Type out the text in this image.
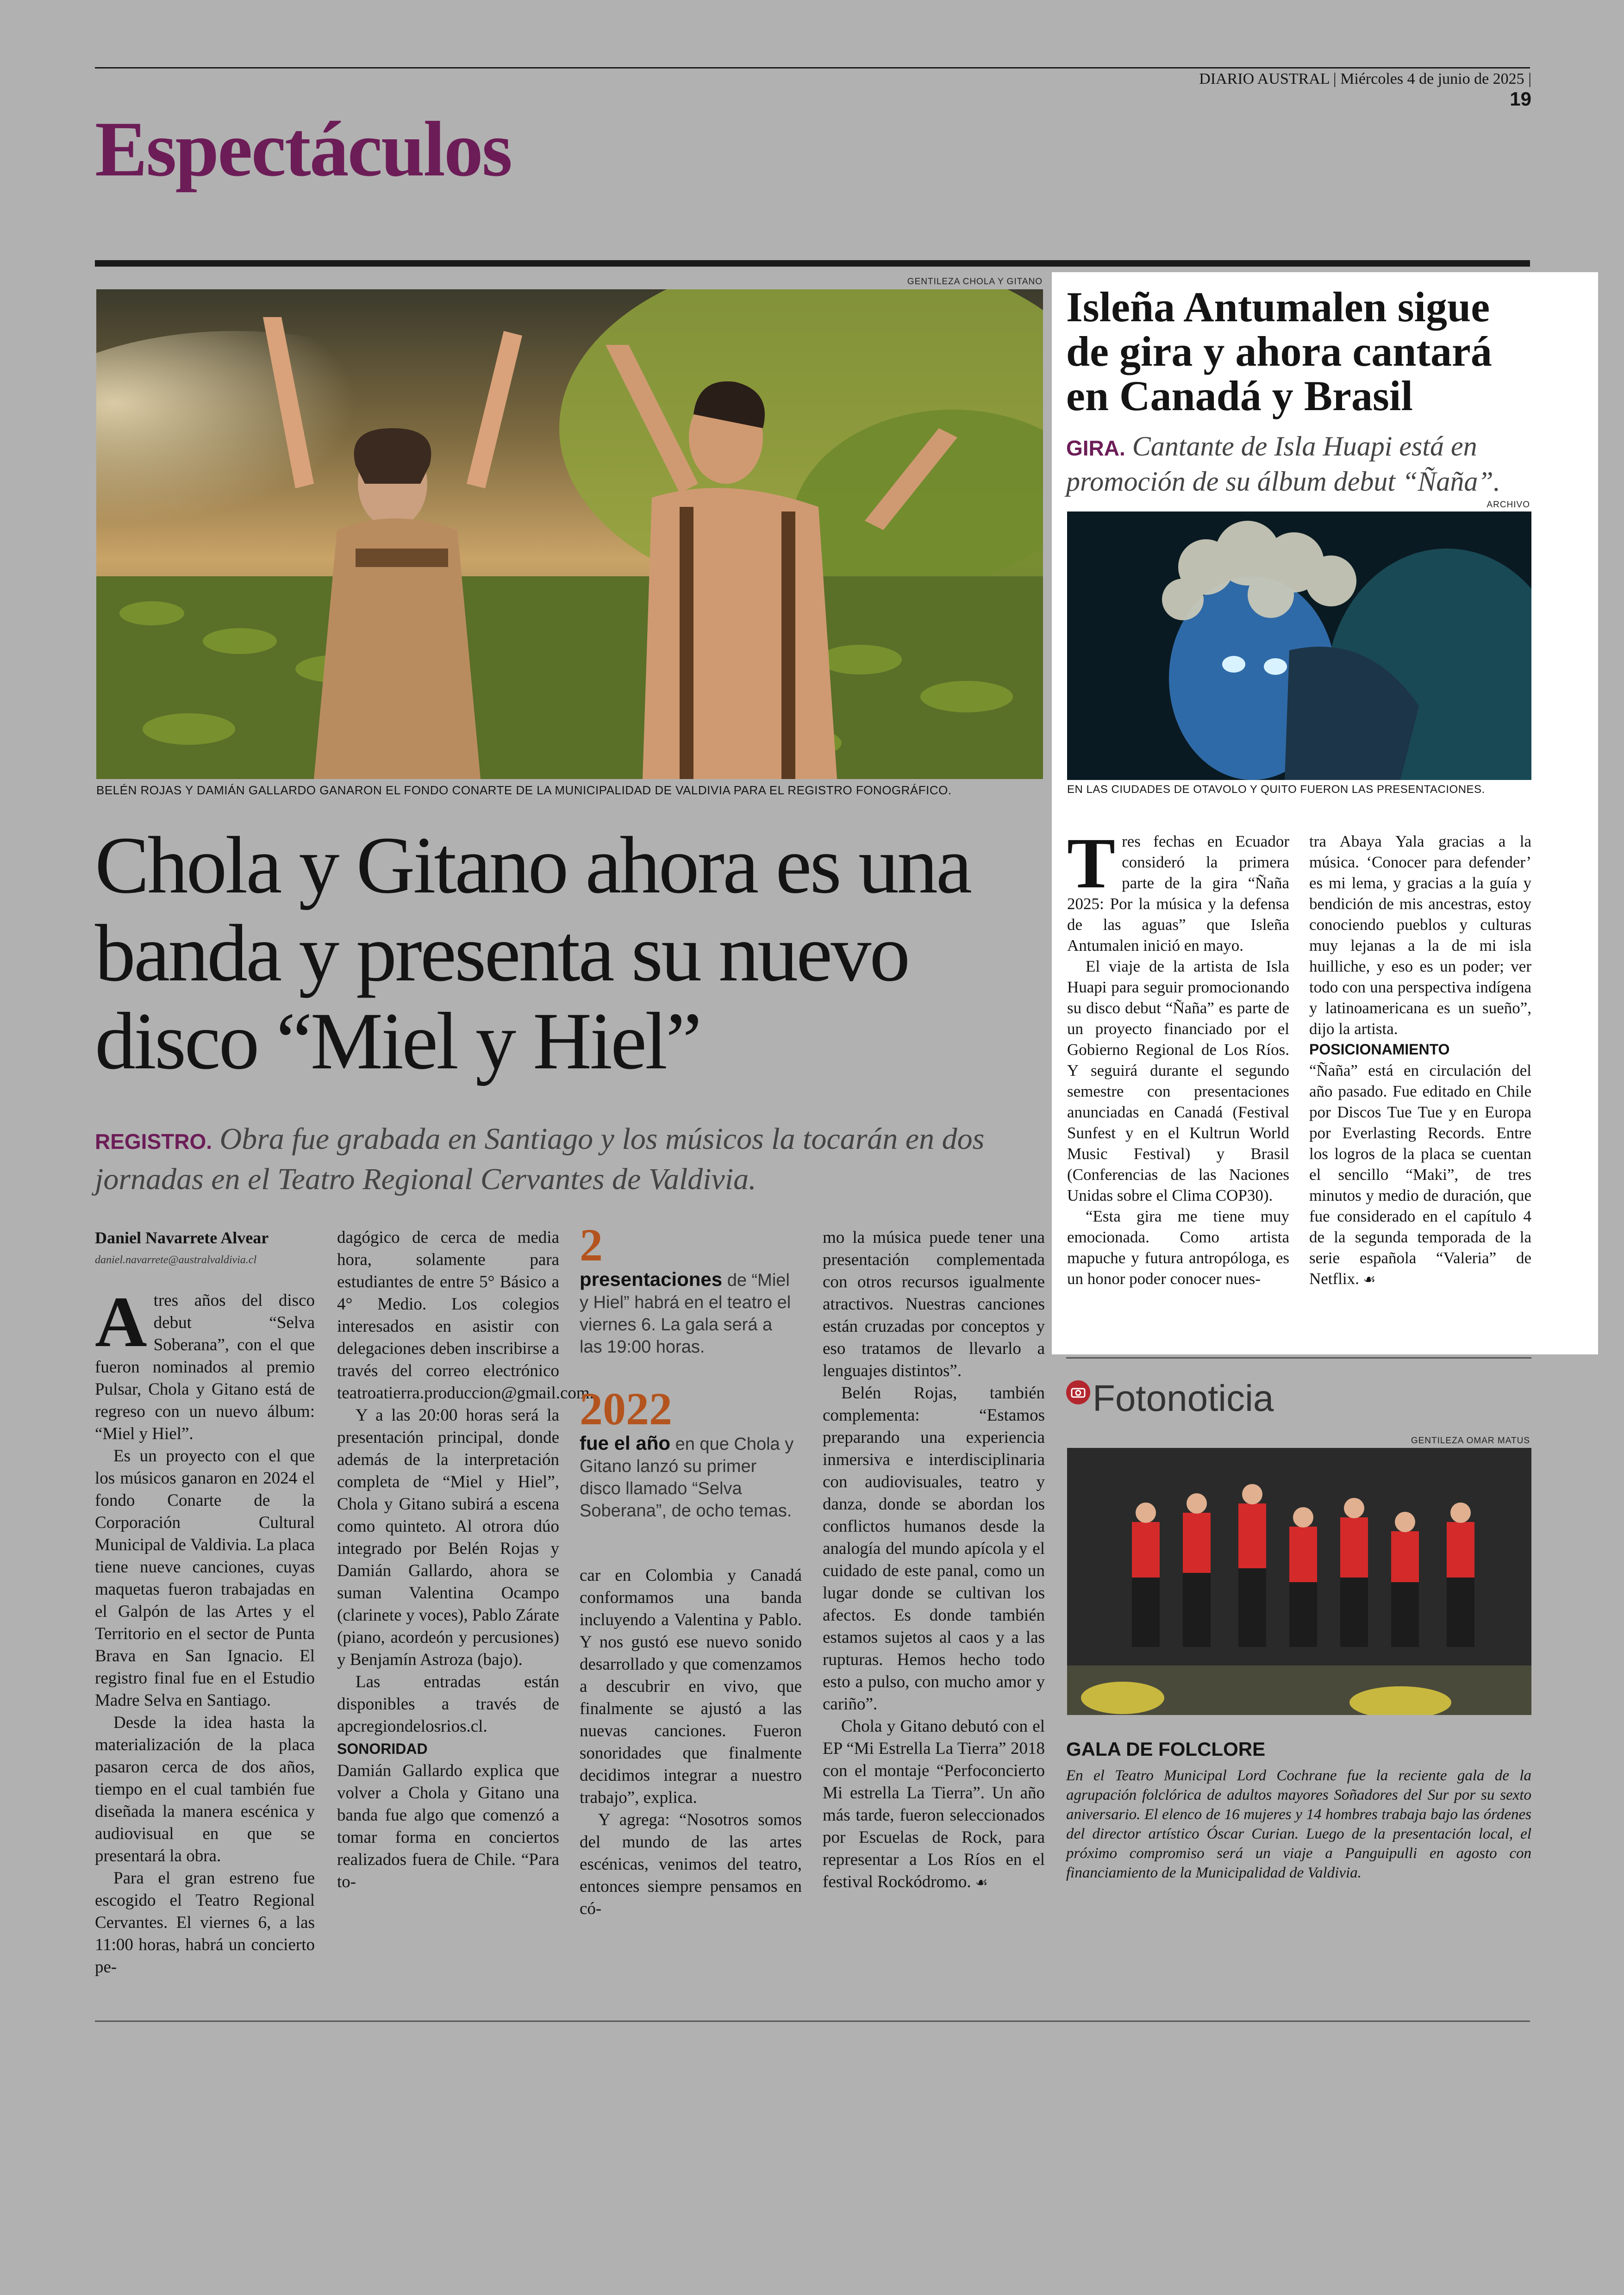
DIARIO AUSTRAL | Miércoles 4 de junio de 2025 | 19
Espectáculos
GENTILEZA CHOLA Y GITANO
BELÉN ROJAS Y DAMIÁN GALLARDO GANARON EL FONDO CONARTE DE LA MUNICIPALIDAD DE VALDIVIA PARA EL REGISTRO FONOGRÁFICO.
Chola y Gitano ahora es una banda y presenta su nuevo disco “Miel y Hiel”
REGISTRO. Obra fue grabada en Santiago y los músicos la tocarán en dos jornadas en el Teatro Regional Cervantes de Valdivia.
Daniel Navarrete Alvear
daniel.navarrete@australvaldivia.cl

Atres años del disco debut “Selva Soberana”, con el que fueron nominados al premio Pulsar, Chola y Gitano está de regreso con un nuevo álbum: “Miel y Hiel”.

Es un proyecto con el que los músicos ganaron en 2024 el fondo Conarte de la Corporación Cultural Municipal de Valdivia. La placa tiene nueve canciones, cuyas maquetas fueron trabajadas en el Galpón de las Artes y el Territorio en el sector de Punta Brava en San Ignacio. El registro final fue en el Estudio Madre Selva en Santiago.

Desde la idea hasta la materialización de la placa pasaron cerca de dos años, tiempo en el cual también fue diseñada la manera escénica y audiovisual en que se presentará la obra.

Para el gran estreno fue escogido el Teatro Regional Cervantes. El viernes 6, a las 11:00 horas, habrá un concierto pe-

dagógico de cerca de media hora, solamente para estudiantes de entre 5° Básico a 4° Medio. Los colegios interesados en asistir con delegaciones deben inscribirse a través del correo electrónico teatroatierra.produccion@gmail.com.

Y a las 20:00 horas será la presentación principal, donde además de la interpretación completa de “Miel y Hiel”, Chola y Gitano subirá a escena como quinteto. Al otrora dúo integrado por Belén Rojas y Damián Gallardo, ahora se suman Valentina Ocampo (clarinete y voces), Pablo Zárate (piano, acordeón y percusiones) y Benjamín Astroza (bajo).

Las entradas están disponibles a través de apcregiondelosrios.cl.

SONORIDAD

Damián Gallardo explica que volver a Chola y Gitano una banda fue algo que comenzó a tomar forma en conciertos realizados fuera de Chile. “Para to-

2
presentaciones de “Miel y Hiel” habrá en el teatro el viernes 6. La gala será a las 19:00 horas.
2022
fue el año en que Chola y Gitano lanzó su primer disco llamado “Selva Soberana”, de ocho temas.

car en Colombia y Canadá conformamos una banda incluyendo a Valentina y Pablo. Y nos gustó ese nuevo sonido desarrollado y que comenzamos a descubrir en vivo, que finalmente se ajustó a las nuevas canciones. Fueron sonoridades que finalmente decidimos integrar a nuestro trabajo”, explica.

Y agrega: “Nosotros somos del mundo de las artes escénicas, venimos del teatro, entonces siempre pensamos en có-

mo la música puede tener una presentación complementada con otros recursos igualmente atractivos. Nuestras canciones están cruzadas por conceptos y eso tratamos de llevarlo a lenguajes distintos”.

Belén Rojas, también complementa: “Estamos preparando una experiencia inmersiva e interdisciplinaria con audiovisuales, teatro y danza, donde se abordan los conflictos humanos desde la analogía del mundo apícola y el cuidado de este panal, como un lugar donde se cultivan los afectos. Es donde también estamos sujetos al caos y a las rupturas. Hemos hecho todo esto a pulso, con mucho amor y cariño”.

Chola y Gitano debutó con el EP “Mi Estrella La Tierra” 2018 con el montaje “Perfoconcierto Mi estrella La Tierra”. Un año más tarde, fueron seleccionados por Escuelas de Rock, para representar a Los Ríos en el festival Rockódromo. ☙

Isleña Antumalen sigue de gira y ahora cantará en Canadá y Brasil
GIRA. Cantante de Isla Huapi está en promoción de su álbum debut “Ñaña”.
ARCHIVO
EN LAS CIUDADES DE OTAVOLO Y QUITO FUERON LAS PRESENTACIONES.

Tres fechas en Ecuador consideró la primera parte de la gira “Ñaña 2025: Por la música y la defensa de las aguas” que Isleña Antumalen inició en mayo.

El viaje de la artista de Isla Huapi para seguir promocionando su disco debut “Ñaña” es parte de un proyecto financiado por el Gobierno Regional de Los Ríos. Y seguirá durante el segundo semestre con presentaciones anunciadas en Canadá (Festival Sunfest y en el Kultrun World Music Festival) y Brasil (Conferencias de las Naciones Unidas sobre el Clima COP30).

“Esta gira me tiene muy emocionada. Como artista mapuche y futura antropóloga, es un honor poder conocer nues-

tra Abaya Yala gracias a la música. ‘Conocer para defender’ es mi lema, y gracias a la guía y bendición de mis ancestras, estoy conociendo pueblos y culturas muy lejanas a la de mi isla huilliche, y eso es un poder; ver todo con una perspectiva indígena y latinoamericana es un sueño”, dijo la artista.

POSICIONAMIENTO

“Ñaña” está en circulación del año pasado. Fue editado en Chile por Discos Tue Tue y en Europa por Everlasting Records. Entre los logros de la placa se cuentan el sencillo “Maki”, de tres minutos y medio de duración, que fue considerado en el capítulo 4 de la segunda temporada de la serie española “Valeria” de Netflix. ☙

Fotonoticia
GENTILEZA OMAR MATUS
GALA DE FOLCLORE
En el Teatro Municipal Lord Cochrane fue la reciente gala de la agrupación folclórica de adultos mayores Soñadores del Sur por su sexto aniversario. El elenco de 16 mujeres y 14 hombres trabaja bajo las órdenes del director artístico Óscar Curian. Luego de la presentación local, el próximo compromiso será un viaje a Panguipulli en agosto con financiamiento de la Municipalidad de Valdivia.
